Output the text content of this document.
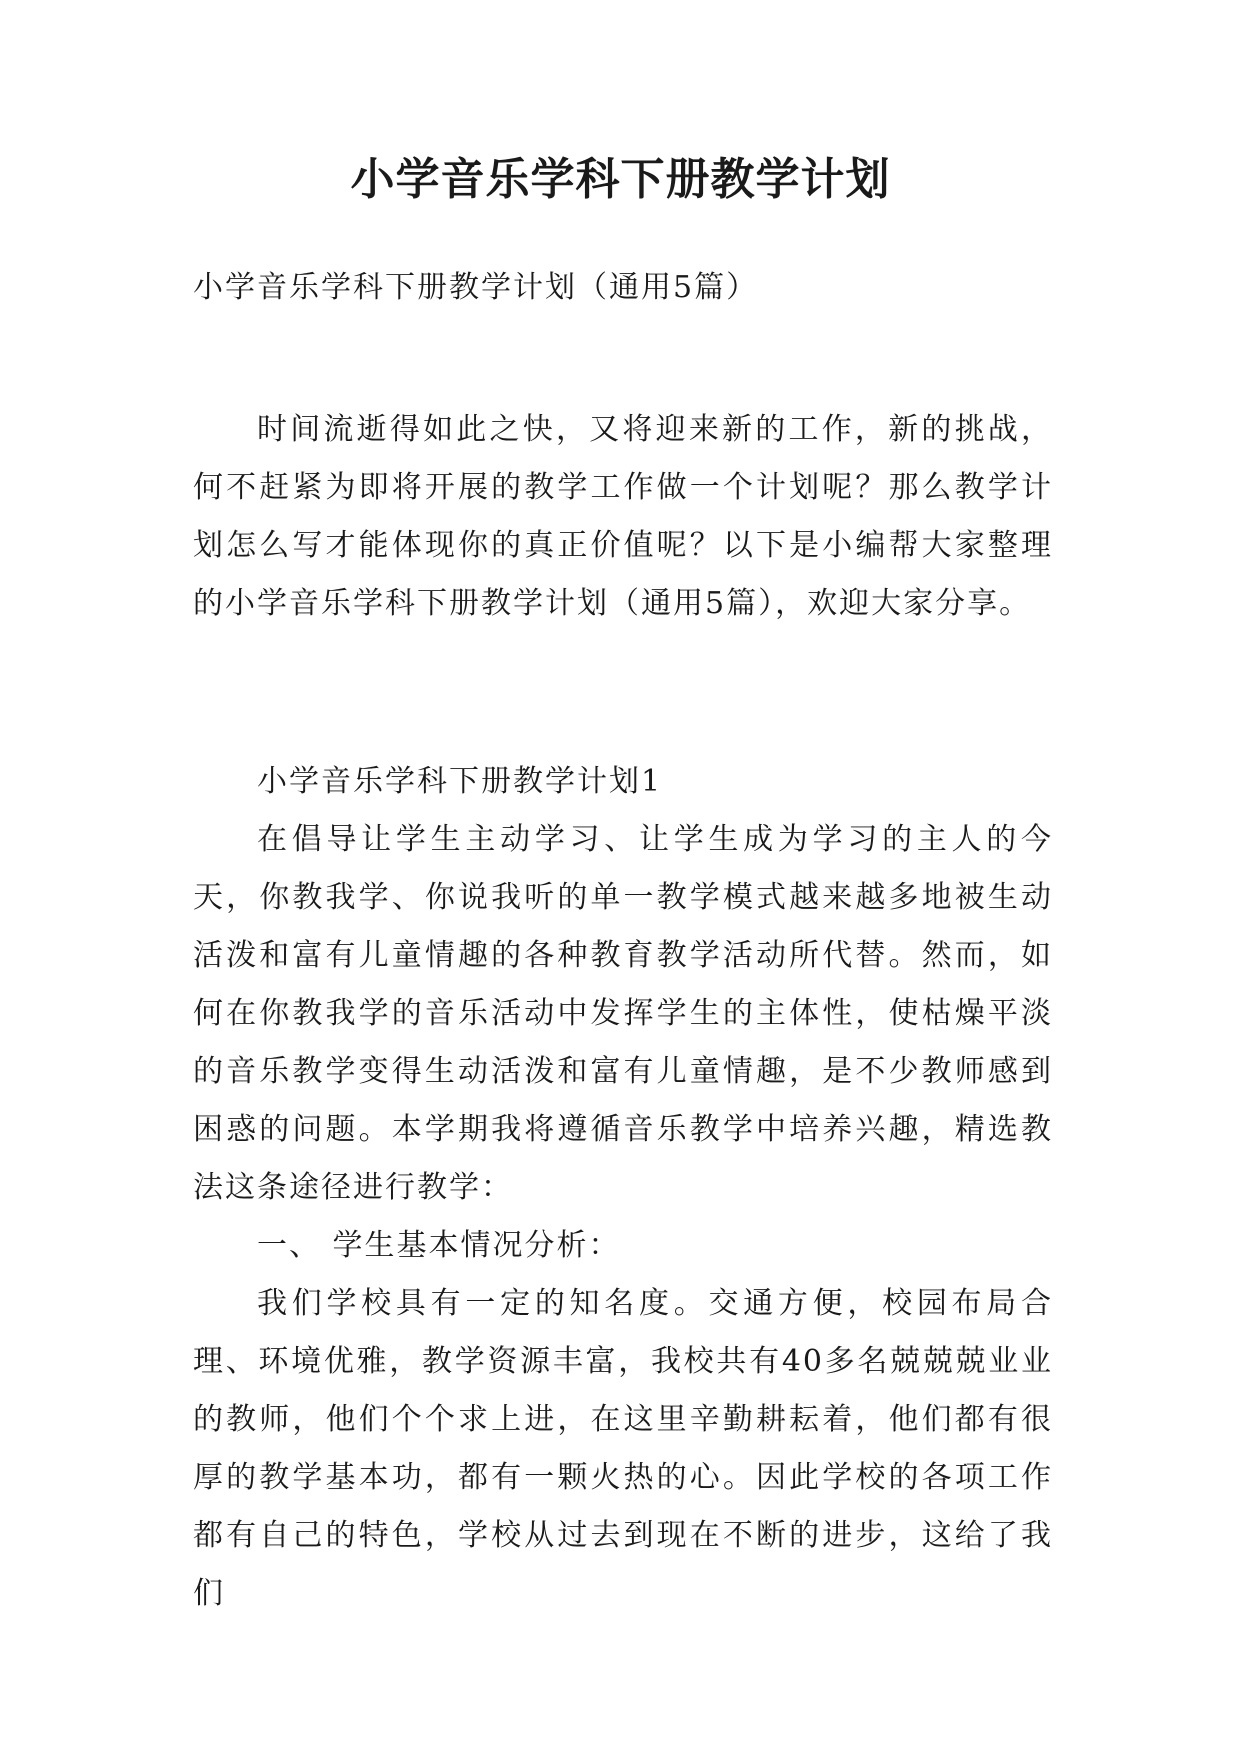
小学音乐学科下册教学计划

小学音乐学科下册教学计划（通用5篇）

时间流逝得如此之快，又将迎来新的工作，新的挑战，何不赶紧为即将开展的教学工作做一个计划呢？那么教学计划怎么写才能体现你的真正价值呢？以下是小编帮大家整理的小学音乐学科下册教学计划（通用5篇），欢迎大家分享。

小学音乐学科下册教学计划1

在倡导让学生主动学习、让学生成为学习的主人的今天，你教我学、你说我听的单一教学模式越来越多地被生动活泼和富有儿童情趣的各种教育教学活动所代替。然而，如何在你教我学的音乐活动中发挥学生的主体性，使枯燥平淡的音乐教学变得生动活泼和富有儿童情趣，是不少教师感到困惑的问题。本学期我将遵循音乐教学中培养兴趣，精选教法这条途径进行教学：

一、 学生基本情况分析：

我们学校具有一定的知名度。交通方便，校园布局合理、环境优雅，教学资源丰富，我校共有40多名兢兢兢业业的教师，他们个个求上进，在这里辛勤耕耘着，他们都有很厚的教学基本功，都有一颗火热的心。因此学校的各项工作都有自己的特色，学校从过去到现在不断的进步，这给了我们
